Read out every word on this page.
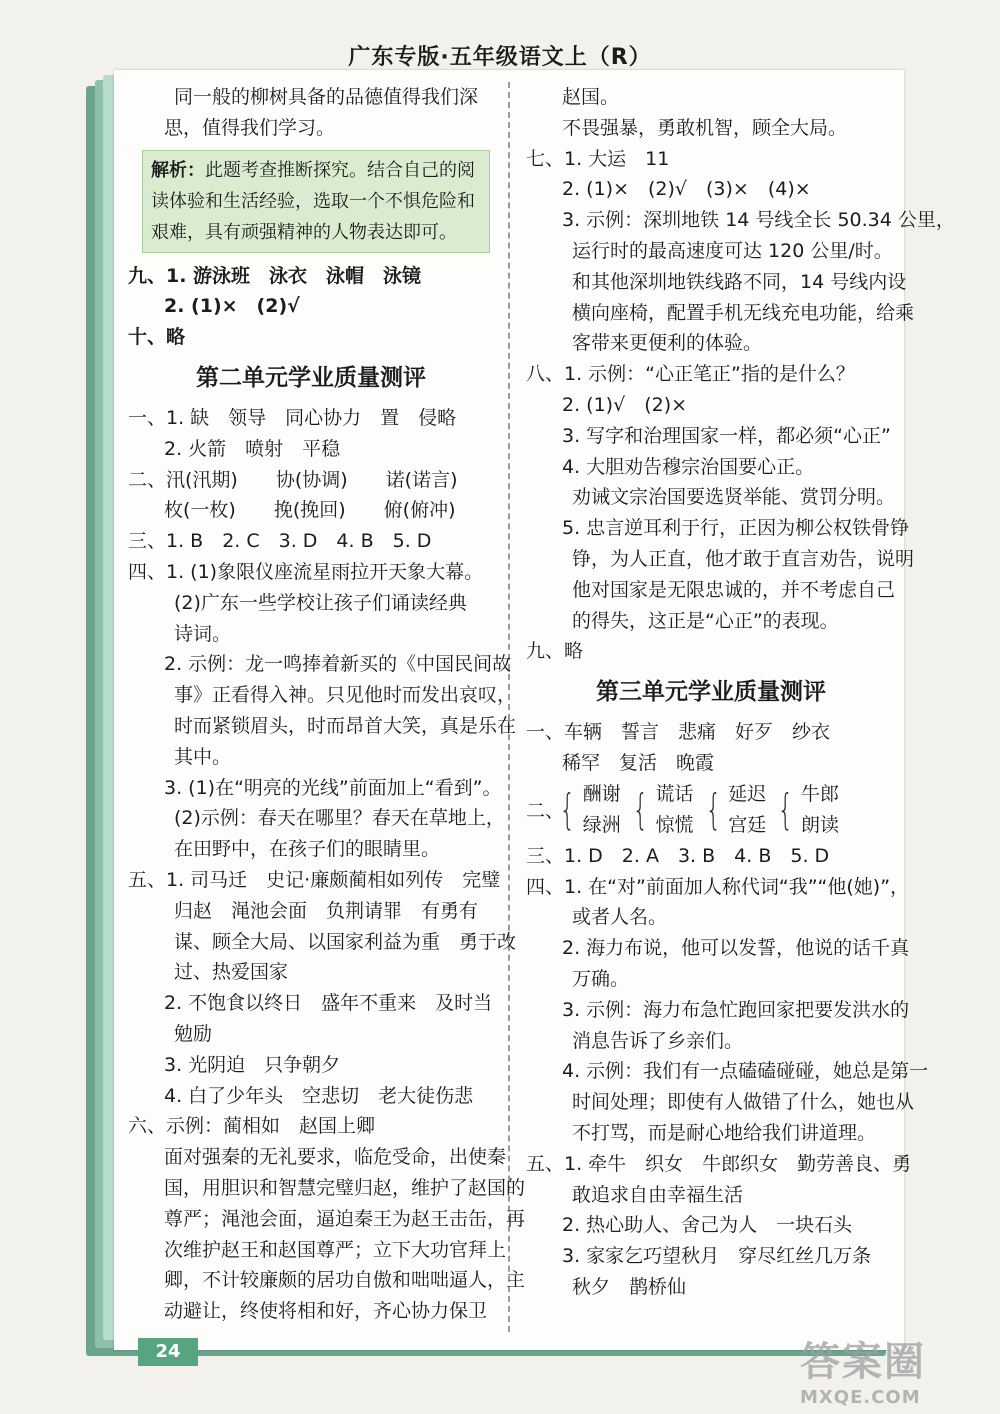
广东专版·五年级语文上（R）
同一般的柳树具备的品德值得我们深
思，值得我们学习。
解析：此题考查推断探究。结合自己的阅
读体验和生活经验，选取一个不惧危险和
艰难，具有顽强精神的人物表达即可。
九、1. 游泳班　泳衣　泳帽　泳镜
2. (1)×　(2)√
十、略
第二单元学业质量测评
一、1. 缺　领导　同心协力　置　侵略
2. 火箭　喷射　平稳
二、汛(汛期)　　协(协调)　　诺(诺言)
枚(一枚)　　挽(挽回)　　俯(俯冲)
三、1. B　2. C　3. D　4. B　5. D
四、1. (1)象限仪座流星雨拉开天象大幕。
(2)广东一些学校让孩子们诵读经典
诗词。
2. 示例：龙一鸣捧着新买的《中国民间故
事》正看得入神。只见他时而发出哀叹，
时而紧锁眉头，时而昂首大笑，真是乐在
其中。
3. (1)在“明亮的光线”前面加上“看到”。
(2)示例：春天在哪里？春天在草地上，
在田野中，在孩子们的眼睛里。
五、1. 司马迁　史记·廉颇蔺相如列传　完璧
归赵　渑池会面　负荆请罪　有勇有
谋、顾全大局、以国家利益为重　勇于改
过、热爱国家
2. 不饱食以终日　盛年不重来　及时当
勉励
3. 光阴迫　只争朝夕
4. 白了少年头　空悲切　老大徒伤悲
六、示例：蔺相如　赵国上卿
面对强秦的无礼要求，临危受命，出使秦
国，用胆识和智慧完璧归赵，维护了赵国的
尊严；渑池会面，逼迫秦王为赵王击缶，再
次维护赵王和赵国尊严；立下大功官拜上
卿，不计较廉颇的居功自傲和咄咄逼人，主
动避让，终使将相和好，齐心协力保卫
赵国。
不畏强暴，勇敢机智，顾全大局。
七、1. 大运　11
2. (1)×　(2)√　(3)×　(4)×
3. 示例：深圳地铁 14 号线全长 50.34 公里，
运行时的最高速度可达 120 公里/时。
和其他深圳地铁线路不同，14 号线内设
横向座椅，配置手机无线充电功能，给乘
客带来更便利的体验。
八、1. 示例：“心正笔正”指的是什么？
2. (1)√　(2)×
3. 写字和治理国家一样，都必须“心正”
4. 大胆劝告穆宗治国要心正。
劝诫文宗治国要选贤举能、赏罚分明。
5. 忠言逆耳利于行，正因为柳公权铁骨铮
铮，为人正直，他才敢于直言劝告，说明
他对国家是无限忠诚的，并不考虑自己
的得失，这正是“心正”的表现。
九、略
第三单元学业质量测评
一、车辆　誓言　悲痛　好歹　纱衣
稀罕　复活　晚霞
二、
{ 酬谢
绿洲 { 谎话
惊慌 { 延迟
宫廷 { 牛郎
朗读
三、1. D　2. A　3. B　4. B　5. D
四、1. 在“对”前面加人称代词“我”“他(她)”，
或者人名。
2. 海力布说，他可以发誓，他说的话千真
万确。
3. 示例：海力布急忙跑回家把要发洪水的
消息告诉了乡亲们。
4. 示例：我们有一点磕磕碰碰，她总是第一
时间处理；即使有人做错了什么，她也从
不打骂，而是耐心地给我们讲道理。
五、1. 牵牛　织女　牛郎织女　勤劳善良、勇
敢追求自由幸福生活
2. 热心助人、舍己为人　一块石头
3. 家家乞巧望秋月　穿尽红丝几万条
秋夕　鹊桥仙
24	答案圈
MXQE.COM
